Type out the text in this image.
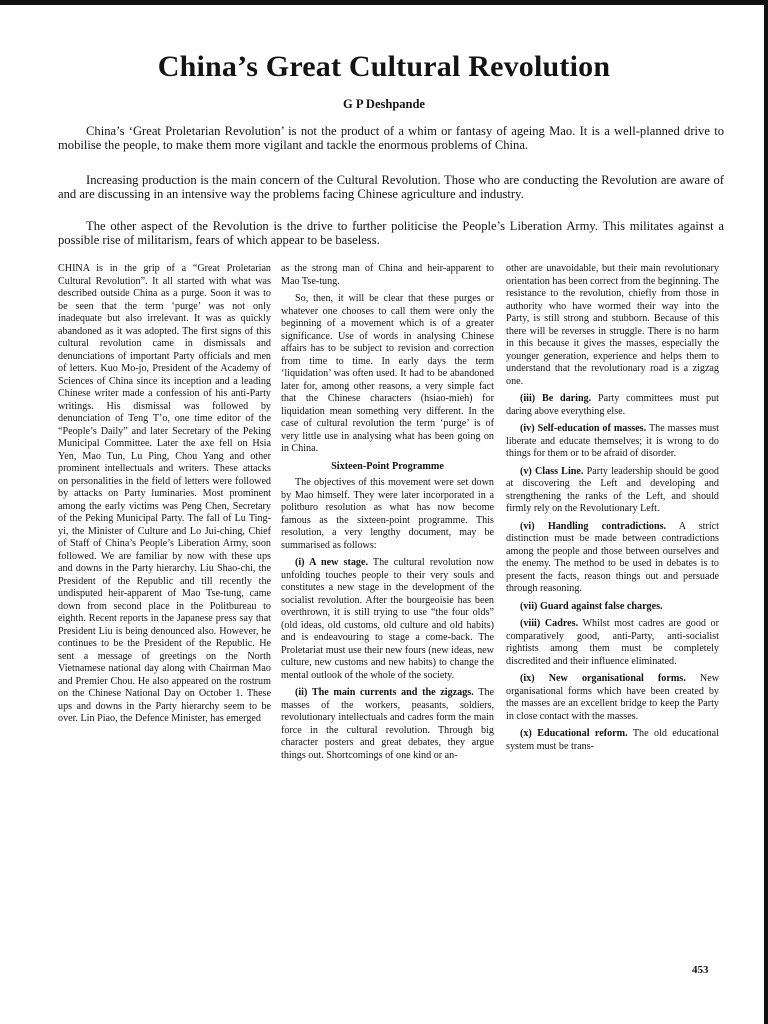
China’s Great Cultural Revolution
G P Deshpande

China’s ‘Great Proletarian Revolution’ is not the product of a whim or fantasy of ageing Mao. It is a well-planned drive to mobilise the people, to make them more vigilant and tackle the enormous problems of China.

Increasing production is the main concern of the Cultural Revolution. Those who are conducting the Revolution are aware of and are discussing in an intensive way the problems facing Chinese agriculture and industry.

The other aspect of the Revolution is the drive to further politicise the People’s Liberation Army. This militates against a possible rise of militarism, fears of which appear to be baseless.

CHINA is in the grip of a “Great Proletarian Cultural Revolution”. It all started with what was described outside China as a purge. Soon it was to be seen that the term ‘purge’ was not only inadequate but also irrelevant. It was as quickly abandoned as it was adopted. The first signs of this cultural revolution came in dismissals and denunciations of important Party officials and men of letters. Kuo Mo-jo, President of the Academy of Sciences of China since its inception and a leading Chinese writer made a confession of his anti-Party writings. His dismissal was followed by denunciation of Teng T’o, one time editor of the “People’s Daily” and later Secretary of the Peking Municipal Committee. Later the axe fell on Hsia Yen, Mao Tun, Lu Ping, Chou Yang and other prominent intellectuals and writers. These attacks on personalities in the field of letters were followed by attacks on Party luminaries. Most prominent among the early victims was Peng Chen, Secretary of the Peking Municipal Party. The fall of Lu Ting-yi, the Minister of Culture and Lo Jui-ching, Chief of Staff of China’s People’s Liberation Army, soon followed. We are familiar by now with these ups and downs in the Party hierarchy. Liu Shao-chi, the President of the Republic and till recently the undisputed heir-apparent of Mao Tse-tung, came down from second place in the Politbureau to eighth. Recent reports in the Japanese press say that President Liu is being denounced also. However, he continues to be the President of the Republic. He sent a message of greetings on the North Vietnamese national day along with Chairman Mao and Premier Chou. He also appeared on the rostrum on the Chinese National Day on October 1. These ups and downs in the Party hierarchy seem to be over. Lin Piao, the Defence Minister, has emerged

as the strong man of China and heir-apparent to Mao Tse-tung.

So, then, it will be clear that these purges or whatever one chooses to call them were only the beginning of a movement which is of a greater significance. Use of words in analysing Chinese affairs has to be subject to revision and correction from time to time. In early days the term ‘liquidation’ was often used. It had to be abandoned later for, among other reasons, a very simple fact that the Chinese characters (hsiao-mieh) for liquidation mean something very different. In the case of cultural revolution the term ‘purge’ is of very little use in analysing what has been going on in China.

Sixteen-Point Programme

The objectives of this movement were set down by Mao himself. They were later incorporated in a politburo resolution as what has now become famous as the sixteen-point programme. This resolution, a very lengthy document, may be summarised as follows:

(i) A new stage. The cultural revolution now unfolding touches people to their very souls and constitutes a new stage in the development of the socialist revolution. After the bourgeoisie has been overthrown, it is still trying to use “the four olds” (old ideas, old customs, old culture and old habits) and is endeavouring to stage a come-back. The Proletariat must use their new fours (new ideas, new culture, new customs and new habits) to change the mental outlook of the whole of the society.

(ii) The main currents and the zigzags. The masses of the workers, peasants, soldiers, revolutionary intellectuals and cadres form the main force in the cultural revolution. Through big character posters and great debates, they argue things out. Shortcomings of one kind or an-

other are unavoidable, but their main revolutionary orientation has been correct from the beginning. The resistance to the revolution, chiefly from those in authority who have wormed their way into the Party, is still strong and stubborn. Because of this there will be reverses in struggle. There is no harm in this because it gives the masses, especially the younger generation, experience and helps them to understand that the revolutionary road is a zigzag one.

(iii) Be daring. Party committees must put daring above everything else.

(iv) Self-education of masses. The masses must liberate and educate themselves; it is wrong to do things for them or to be afraid of disorder.

(v) Class Line. Party leadership should be good at discovering the Left and developing and strengthening the ranks of the Left, and should firmly rely on the Revolutionary Left.

(vi) Handling contradictions. A strict distinction must be made between contradictions among the people and those between ourselves and the enemy. The method to be used in debates is to present the facts, reason things out and persuade through reasoning.

(vii) Guard against false charges.

(viii) Cadres. Whilst most cadres are good or comparatively good, anti-Party, anti-socialist rightists among them must be completely discredited and their influence eliminated.

(ix) New organisational forms. New organisational forms which have been created by the masses are an excellent bridge to keep the Party in close contact with the masses.

(x) Educational reform. The old educational system must be trans-

453
